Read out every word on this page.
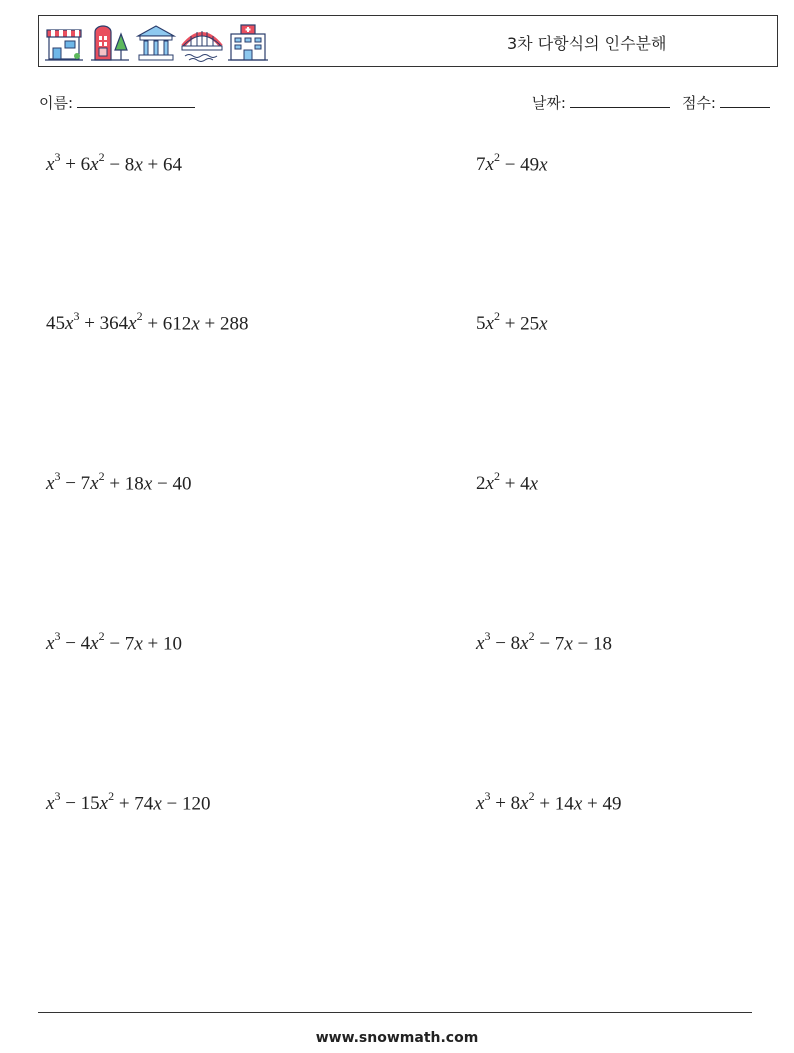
3차 다항식의 인수분해
이름:	날짜:	점수:
$x^3 + 6x^2 - 8x + 64$	$7x^2 - 49x$
$45x^3 + 364x^2 + 612x + 288$	$5x^2 + 25x$
$x^3 - 7x^2 + 18x - 40$	$2x^2 + 4x$
$x^3 - 4x^2 - 7x + 10$	$x^3 - 8x^2 - 7x - 18$
$x^3 - 15x^2 + 74x - 120$	$x^3 + 8x^2 + 14x + 49$
www.snowmath.com
